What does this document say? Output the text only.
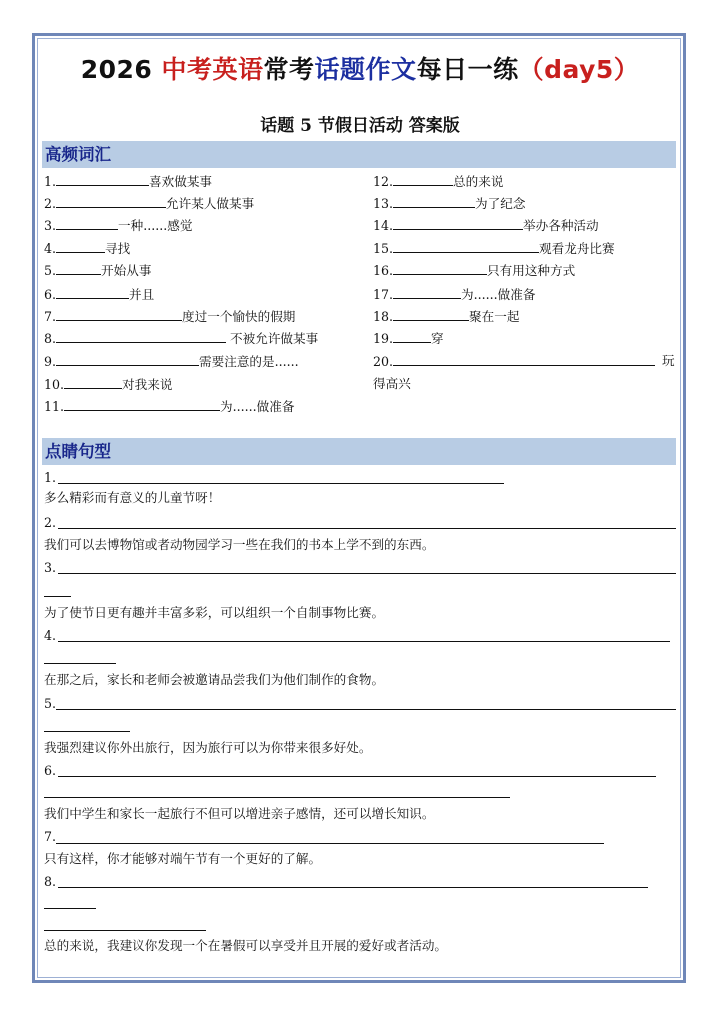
2026 中考英语常考话题作文每日一练（day5）
话题 5 节假日活动 答案版
高频词汇
1.	喜欢做某事
2.	允许某人做某事
3.	一种......感觉
4.	寻找
5.	开始从事
6.	并且
7.	度过一个愉快的假期
8.	不被允许做某事
9.	需要注意的是......
10.	对我来说
11.	为......做准备
12.	总的来说
13.	为了纪念
14.	举办各种活动
15.	观看龙舟比赛
16.	只有用这种方式
17.	为......做准备
18.	聚在一起
19.	穿
20.	玩
得高兴
点睛句型
1.
多么精彩而有意义的儿童节呀！
2.
我们可以去博物馆或者动物园学习一些在我们的书本上学不到的东西。
3.
为了使节日更有趣并丰富多彩，可以组织一个自制事物比赛。
4.
在那之后，家长和老师会被邀请品尝我们为他们制作的食物。
5.
我强烈建议你外出旅行，因为旅行可以为你带来很多好处。
6.
我们中学生和家长一起旅行不但可以增进亲子感情，还可以增长知识。
7.
只有这样，你才能够对端午节有一个更好的了解。
8.
总的来说，我建议你发现一个在暑假可以享受并且开展的爱好或者活动。
